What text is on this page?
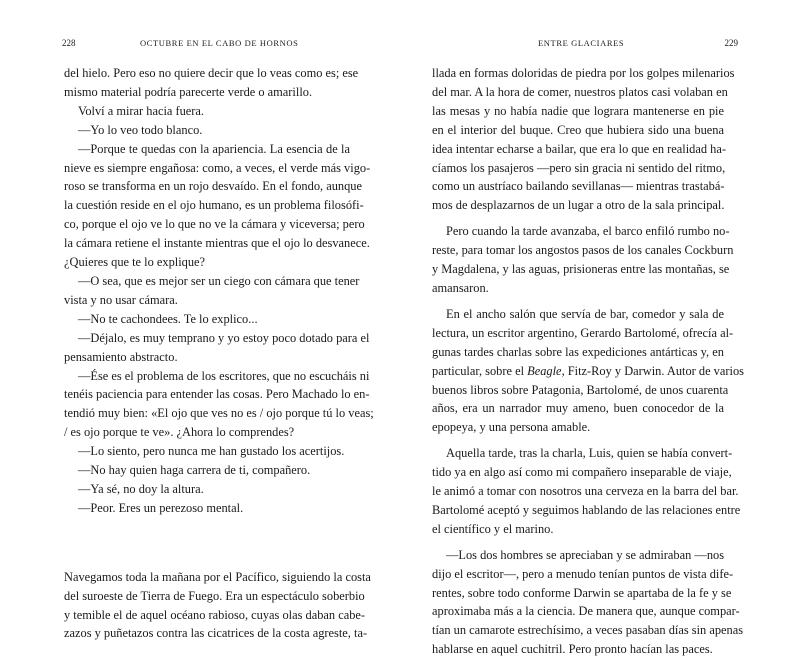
228	OCTUBRE EN EL CABO DE HORNOS
del hielo. Pero eso no quiere decir que lo veas como es; ese
mismo material podría parecerte verde o amarillo.
Volví a mirar hacia fuera.
—Yo lo veo todo blanco.
—Porque te quedas con la apariencia. La esencia de la
nieve es siempre engañosa: como, a veces, el verde más vigo-
roso se transforma en un rojo desvaído. En el fondo, aunque
la cuestión reside en el ojo humano, es un problema filosófi-
co, porque el ojo ve lo que no ve la cámara y viceversa; pero
la cámara retiene el instante mientras que el ojo lo desvanece.
¿Quieres que te lo explique?
—O sea, que es mejor ser un ciego con cámara que tener
vista y no usar cámara.
—No te cachondees. Te lo explico...
—Déjalo, es muy temprano y yo estoy poco dotado para el
pensamiento abstracto.
—Ése es el problema de los escritores, que no escucháis ni
tenéis paciencia para entender las cosas. Pero Machado lo en-
tendió muy bien: «El ojo que ves no es / ojo porque tú lo veas;
/ es ojo porque te ve». ¿Ahora lo comprendes?
—Lo siento, pero nunca me han gustado los acertijos.
—No hay quien haga carrera de ti, compañero.
—Ya sé, no doy la altura.
—Peor. Eres un perezoso mental.
Navegamos toda la mañana por el Pacífico, siguiendo la costa
del suroeste de Tierra de Fuego. Era un espectáculo soberbio
y temible el de aquel océano rabioso, cuyas olas daban cabe-
zazos y puñetazos contra las cicatrices de la costa agreste, ta-
ENTRE GLACIARES	229
llada en formas doloridas de piedra por los golpes milenarios
del mar. A la hora de comer, nuestros platos casi volaban en
las mesas y no había nadie que lograra mantenerse en pie
en el interior del buque. Creo que hubiera sido una buena
idea intentar echarse a bailar, que era lo que en realidad ha-
cíamos los pasajeros —pero sin gracia ni sentido del ritmo,
como un austríaco bailando sevillanas— mientras trastabá-
mos de desplazarnos de un lugar a otro de la sala principal.
Pero cuando la tarde avanzaba, el barco enfiló rumbo no-
reste, para tomar los angostos pasos de los canales Cockburn
y Magdalena, y las aguas, prisioneras entre las montañas, se
amansaron.
En el ancho salón que servía de bar, comedor y sala de
lectura, un escritor argentino, Gerardo Bartolomé, ofrecía al-
gunas tardes charlas sobre las expediciones antárticas y, en
particular, sobre el Beagle, Fitz-Roy y Darwin. Autor de varios
buenos libros sobre Patagonia, Bartolomé, de unos cuarenta
años, era un narrador muy ameno, buen conocedor de la
epopeya, y una persona amable.
Aquella tarde, tras la charla, Luis, quien se había convert-
tido ya en algo así como mi compañero inseparable de viaje,
le animó a tomar con nosotros una cerveza en la barra del bar.
Bartolomé aceptó y seguimos hablando de las relaciones entre
el científico y el marino.
—Los dos hombres se apreciaban y se admiraban —nos
dijo el escritor—, pero a menudo tenían puntos de vista dife-
rentes, sobre todo conforme Darwin se apartaba de la fe y se
aproximaba más a la ciencia. De manera que, aunque compar-
tían un camarote estrechísimo, a veces pasaban días sin apenas
hablarse en aquel cuchitril. Pero pronto hacían las paces.
